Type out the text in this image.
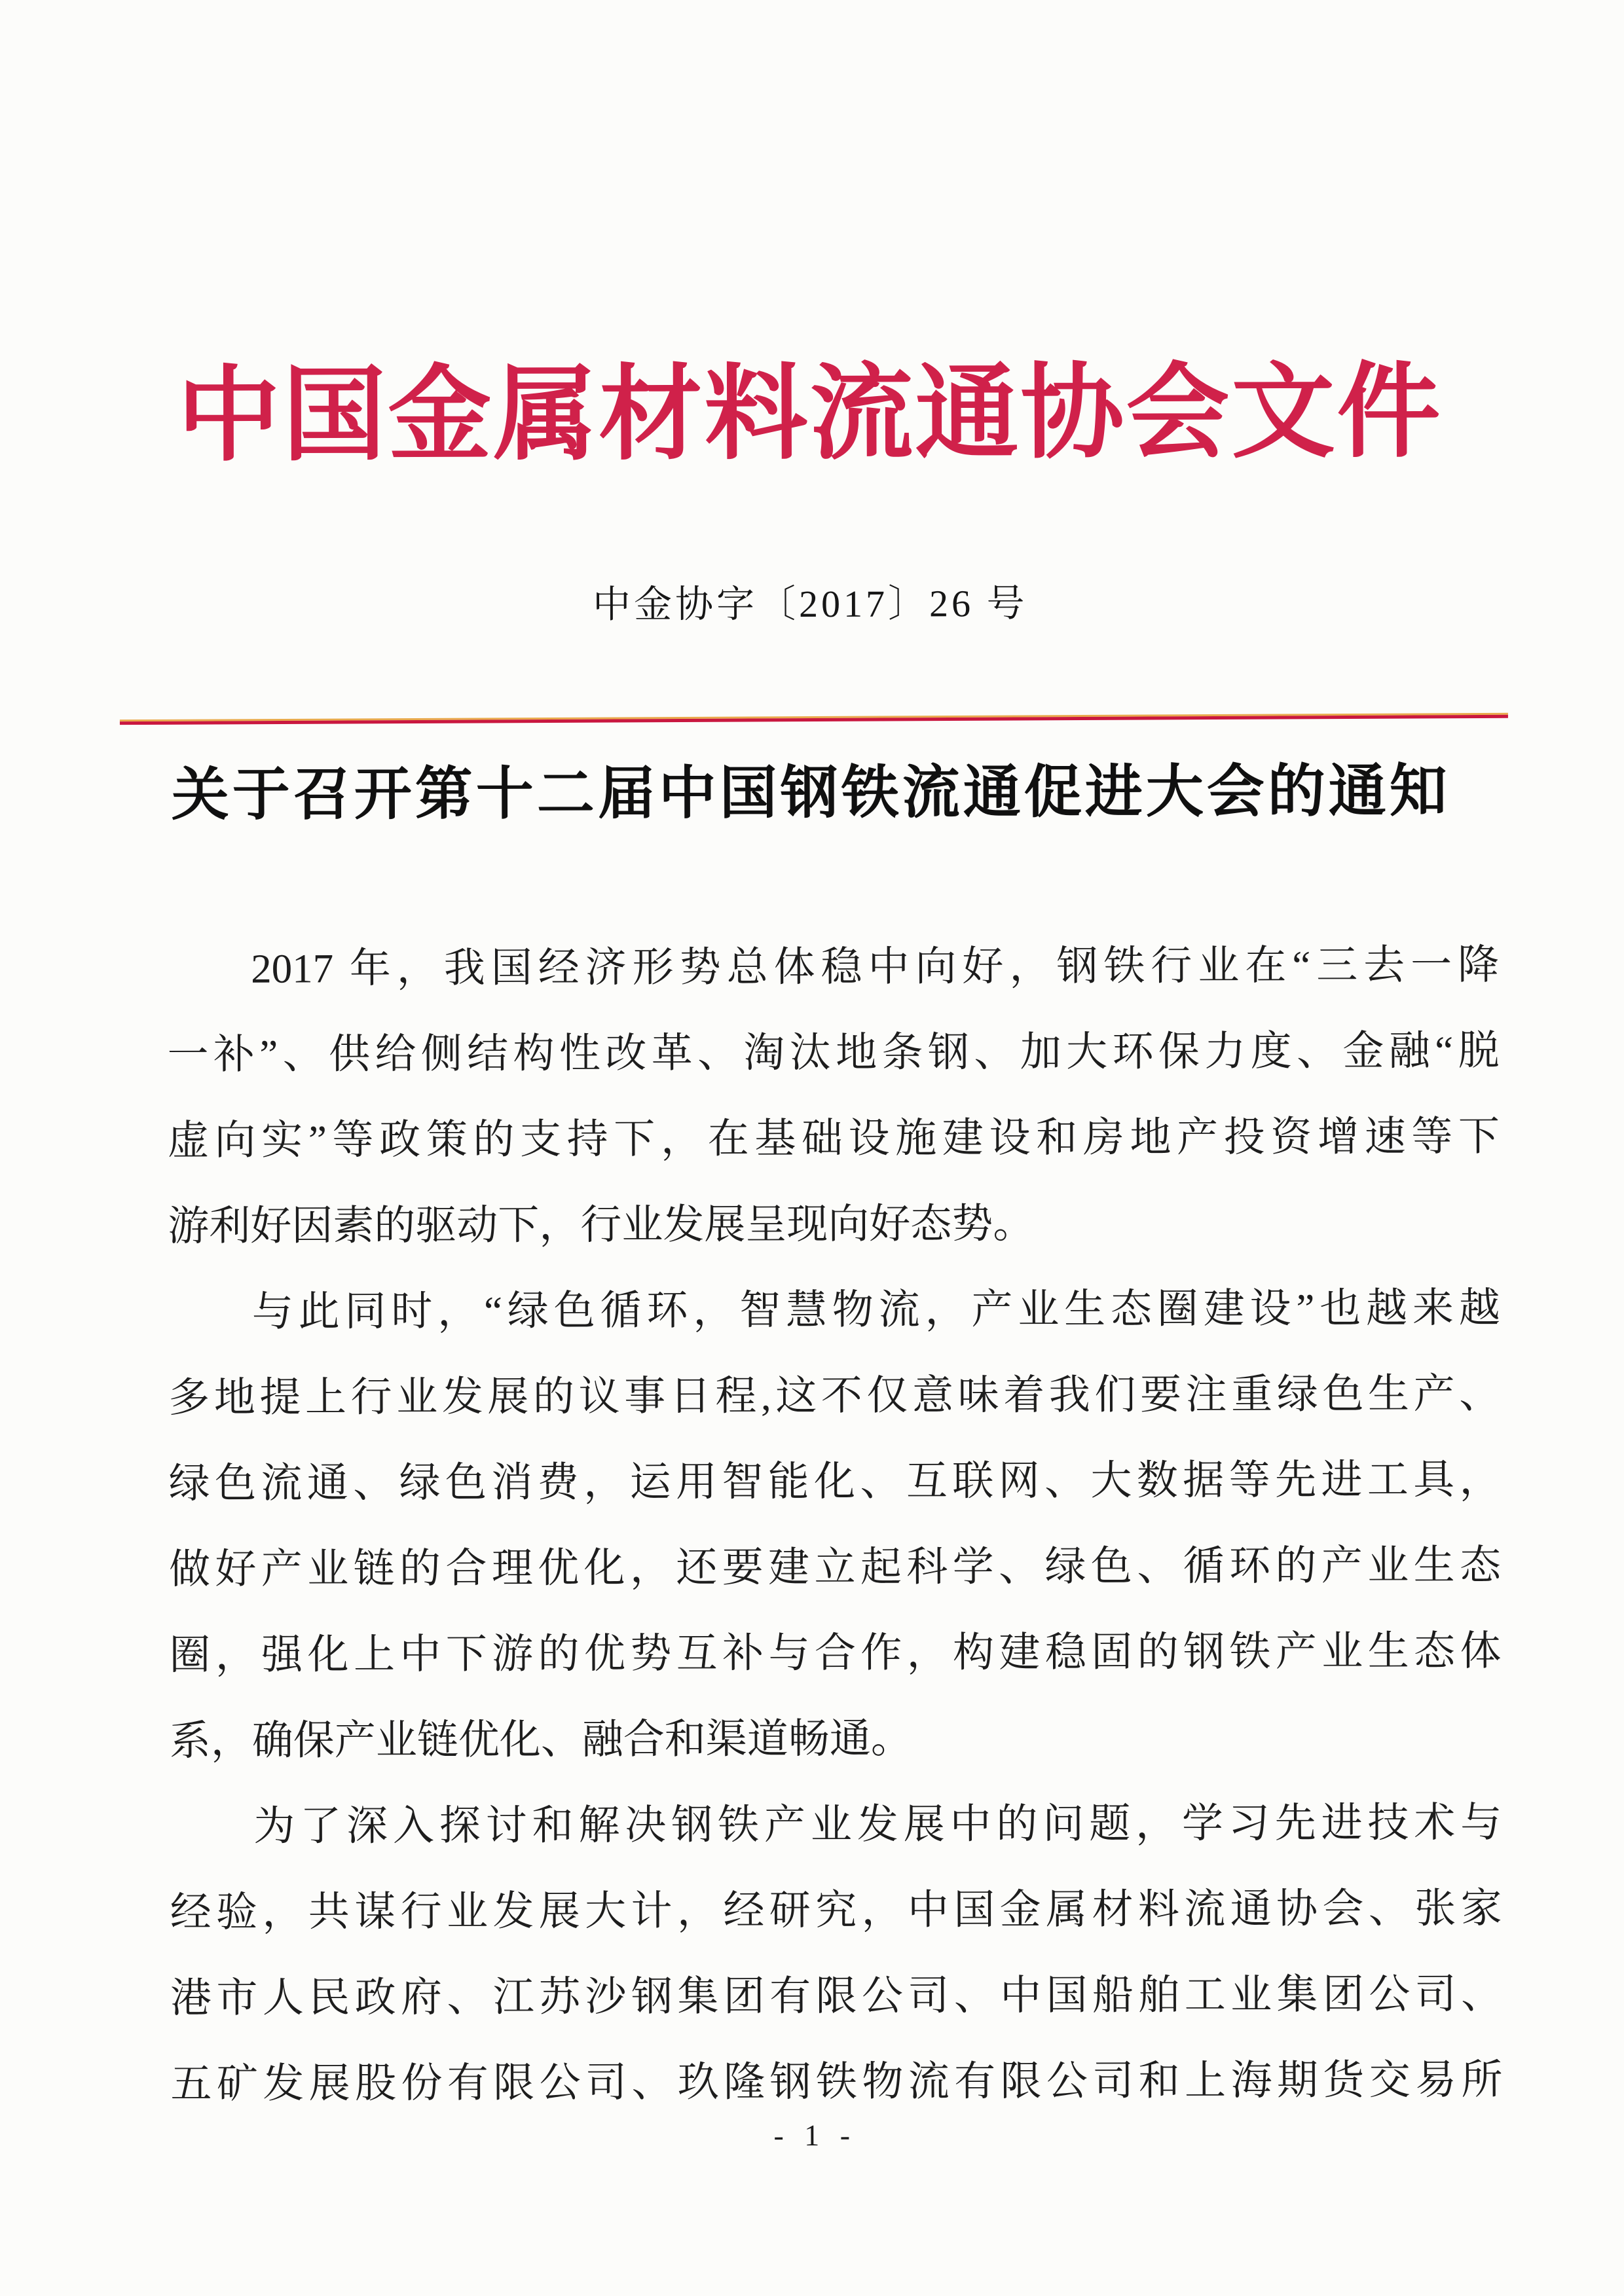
中国金属材料流通协会文件
中金协字〔2017〕26 号
关于召开第十二届中国钢铁流通促进大会的通知
2017 年，我国经济形势总体稳中向好，钢铁行业在“三去一降
一补”、供给侧结构性改革、淘汰地条钢、加大环保力度、金融“脱
虚向实”等政策的支持下，在基础设施建设和房地产投资增速等下
游利好因素的驱动下，行业发展呈现向好态势。
与此同时，“绿色循环，智慧物流，产业生态圈建设”也越来越
多地提上行业发展的议事日程,这不仅意味着我们要注重绿色生产、
绿色流通、绿色消费，运用智能化、互联网、大数据等先进工具，
做好产业链的合理优化，还要建立起科学、绿色、循环的产业生态
圈，强化上中下游的优势互补与合作，构建稳固的钢铁产业生态体
系，确保产业链优化、融合和渠道畅通。
为了深入探讨和解决钢铁产业发展中的问题，学习先进技术与
经验，共谋行业发展大计，经研究，中国金属材料流通协会、张家
港市人民政府、江苏沙钢集团有限公司、中国船舶工业集团公司、
五矿发展股份有限公司、玖隆钢铁物流有限公司和上海期货交易所
- 1 -
